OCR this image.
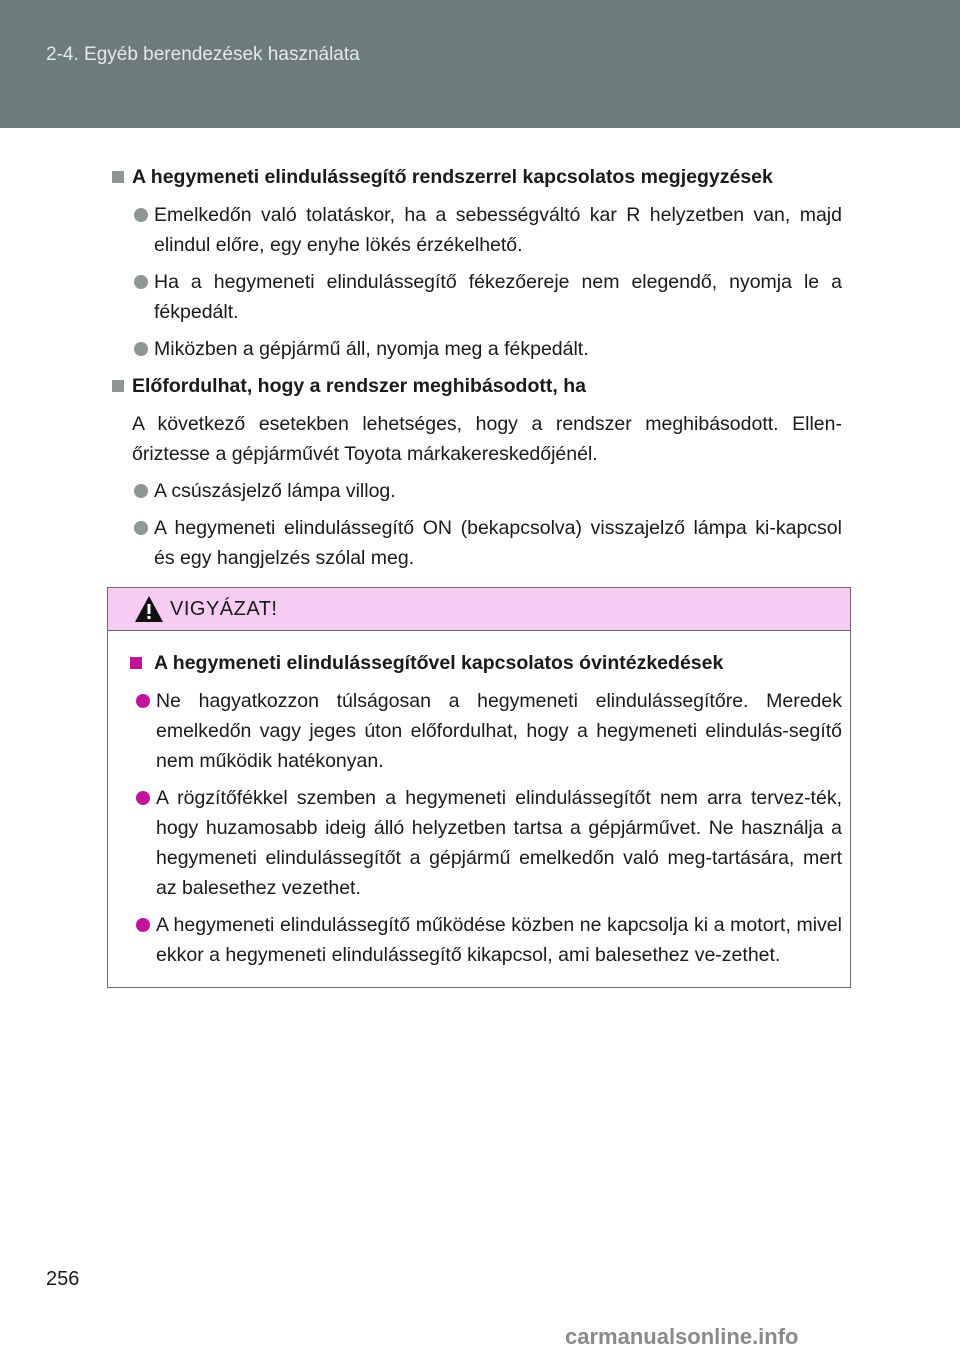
2-4. Egyéb berendezések használata
A hegymeneti elindulássegítő rendszerrel kapcsolatos megjegyzések
Emelkedőn való tolatáskor, ha a sebességváltó kar R helyzetben van, majd elindul előre, egy enyhe lökés érzékelhető.
Ha a hegymeneti elindulássegítő fékezőereje nem elegendő, nyomja le a fékpedált.
Miközben a gépjármű áll, nyomja meg a fékpedált.
Előfordulhat, hogy a rendszer meghibásodott, ha
A következő esetekben lehetséges, hogy a rendszer meghibásodott. Ellen-őriztesse a gépjárművét Toyota márkakereskedőjénél.
A csúszásjelző lámpa villog.
A hegymeneti elindulássegítő ON (bekapcsolva) visszajelző lámpa ki-kapcsol és egy hangjelzés szólal meg.
VIGYÁZAT!
A hegymeneti elindulássegítővel kapcsolatos óvintézkedések
Ne hagyatkozzon túlságosan a hegymeneti elindulássegítőre. Meredek emelkedőn vagy jeges úton előfordulhat, hogy a hegymeneti elindulás-segítő nem működik hatékonyan.
A rögzítőfékkel szemben a hegymeneti elindulássegítőt nem arra tervez-ték, hogy huzamosabb ideig álló helyzetben tartsa a gépjárművet. Ne használja a hegymeneti elindulássegítőt a gépjármű emelkedőn való meg-tartására, mert az balesethez vezethet.
A hegymeneti elindulássegítő működése közben ne kapcsolja ki a motort, mivel ekkor a hegymeneti elindulássegítő kikapcsol, ami balesethez ve-zethet.
256
carmanualsonline.info
